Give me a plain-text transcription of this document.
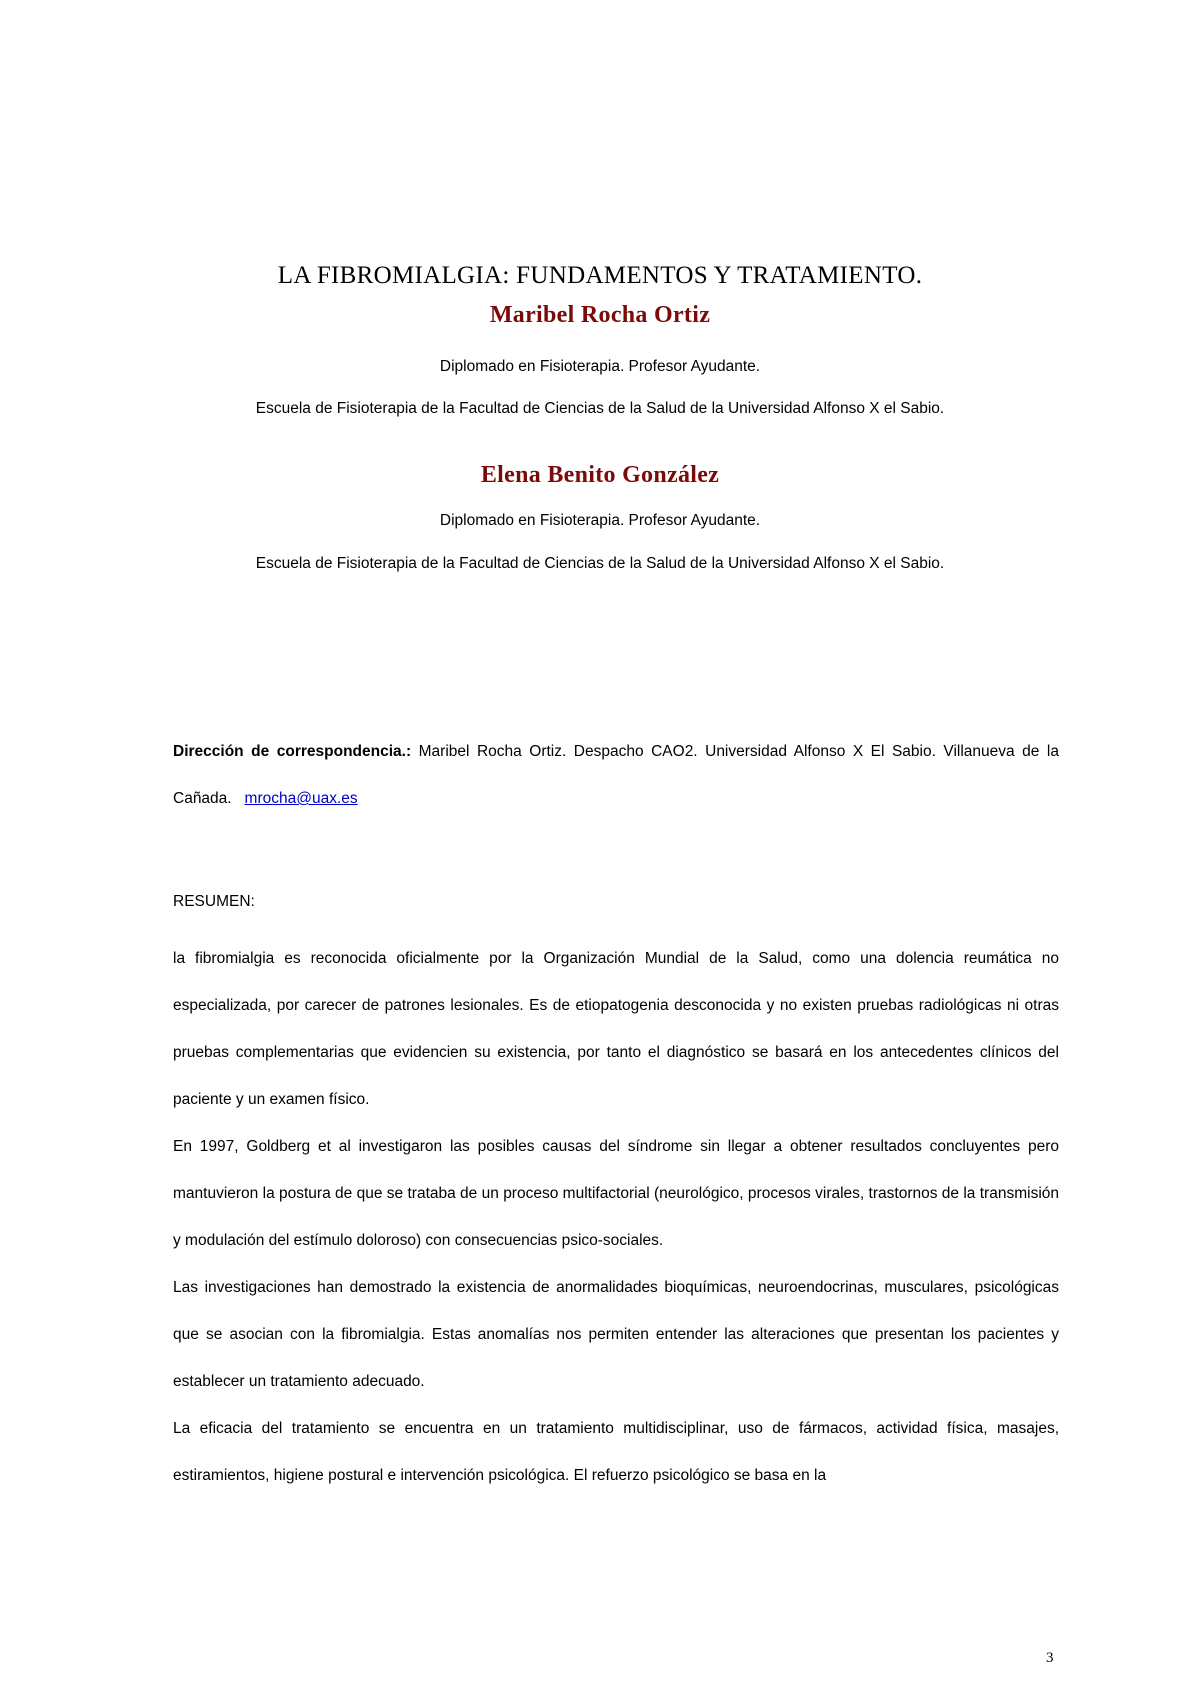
LA FIBROMIALGIA: FUNDAMENTOS Y TRATAMIENTO.
Maribel Rocha Ortiz
Diplomado en Fisioterapia. Profesor Ayudante.
Escuela de Fisioterapia de la Facultad de Ciencias de la Salud de la Universidad Alfonso X el Sabio.
Elena Benito González
Diplomado en Fisioterapia. Profesor Ayudante.
Escuela de Fisioterapia de la Facultad de Ciencias de la Salud de la Universidad Alfonso X el Sabio.
Dirección de correspondencia.: Maribel Rocha Ortiz. Despacho CAO2. Universidad Alfonso X El Sabio. Villanueva de la Cañada. mrocha@uax.es
RESUMEN:

la fibromialgia es reconocida oficialmente por la Organización Mundial de la Salud, como una dolencia reumática no especializada, por carecer de patrones lesionales. Es de etiopatogenia desconocida y no existen pruebas radiológicas ni otras pruebas complementarias que evidencien su existencia, por tanto el diagnóstico se basará en los antecedentes clínicos del paciente y un examen físico.

En 1997, Goldberg et al investigaron las posibles causas del síndrome sin llegar a obtener resultados concluyentes pero mantuvieron la postura de que se trataba de un proceso multifactorial (neurológico, procesos virales, trastornos de la transmisión y modulación del estímulo doloroso) con consecuencias psico-sociales.

Las investigaciones han demostrado la existencia de anormalidades bioquímicas, neuroendocrinas, musculares, psicológicas que se asocian con la fibromialgia. Estas anomalías nos permiten entender las alteraciones que presentan los pacientes y establecer un tratamiento adecuado.

La eficacia del tratamiento se encuentra en un tratamiento multidisciplinar, uso de fármacos, actividad física, masajes, estiramientos, higiene postural e intervención psicológica. El refuerzo psicológico se basa en la

3
